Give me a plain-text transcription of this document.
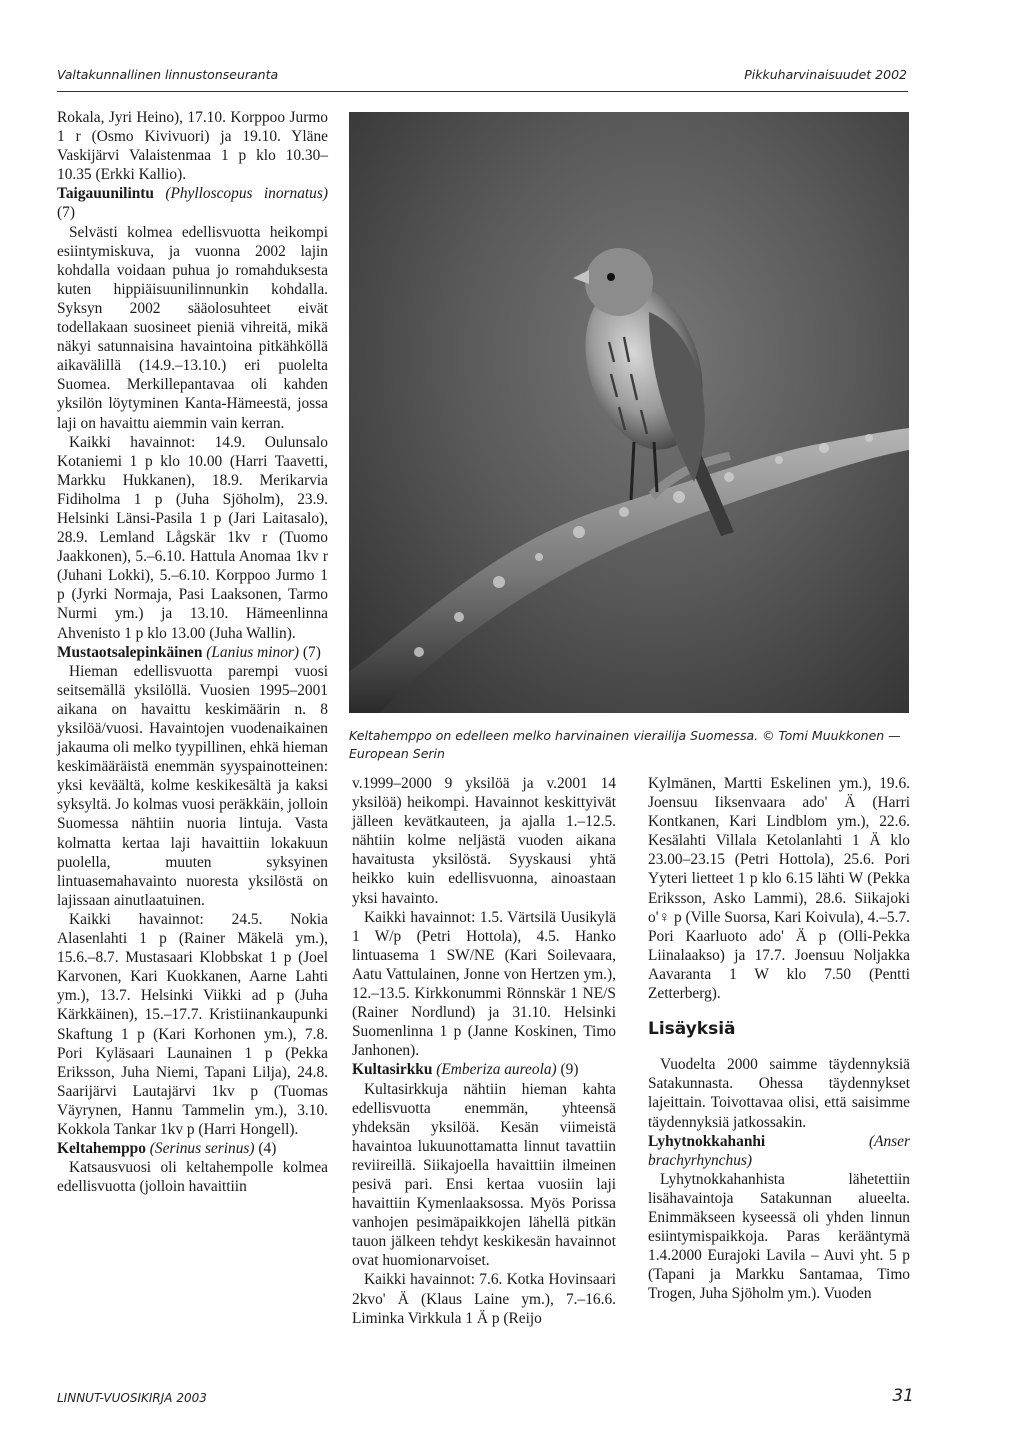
Valtakunnallinen linnustonseuranta	Pikkuharvinaisuudet 2002

Rokala, Jyri Heino), 17.10. Korppoo Jurmo 1 r (Osmo Kivivuori) ja 19.10. Yläne Vaskijärvi Valaistenmaa 1 p klo 10.30–10.35 (Erkki Kallio).

Taigauunilintu (Phylloscopus inornatus) (7)

Selvästi kolmea edellisvuotta heikompi esiintymiskuva, ja vuonna 2002 lajin kohdalla voidaan puhua jo romahduksesta kuten hippiäisuunilinnunkin kohdalla. Syksyn 2002 sääolosuhteet eivät todellakaan suosineet pieniä vihreitä, mikä näkyi satunnaisina havaintoina pitkähköllä aikavälillä (14.9.–13.10.) eri puolelta Suomea. Merkillepantavaa oli kahden yksilön löytyminen Kanta-Hämeestä, jossa laji on havaittu aiemmin vain kerran.

Kaikki havainnot: 14.9. Oulunsalo Kotaniemi 1 p klo 10.00 (Harri Taavetti, Markku Hukkanen), 18.9. Merikarvia Fidiholma 1 p (Juha Sjöholm), 23.9. Helsinki Länsi-Pasila 1 p (Jari Laitasalo), 28.9. Lemland Lågskär 1kv r (Tuomo Jaakkonen), 5.–6.10. Hattula Anomaa 1kv r (Juhani Lokki), 5.–6.10. Korppoo Jurmo 1 p (Jyrki Normaja, Pasi Laaksonen, Tarmo Nurmi ym.) ja 13.10. Hämeenlinna Ahvenisto 1 p klo 13.00 (Juha Wallin).

Mustaotsalepinkäinen (Lanius minor) (7)

Hieman edellisvuotta parempi vuosi seitsemällä yksilöllä. Vuosien 1995–2001 aikana on havaittu keskimäärin n. 8 yksilöä/vuosi. Havaintojen vuodenaikainen jakauma oli melko tyypillinen, ehkä hieman keskimääräistä enemmän syyspainotteinen: yksi keväältä, kolme keskikesältä ja kaksi syksyltä. Jo kolmas vuosi peräkkäin, jolloin Suomessa nähtiin nuoria lintuja. Vasta kolmatta kertaa laji havaittiin lokakuun puolella, muuten syksyinen lintuasemahavainto nuoresta yksilöstä on lajissaan ainutlaatuinen.

Kaikki havainnot: 24.5. Nokia Alasenlahti 1 p (Rainer Mäkelä ym.), 15.6.–8.7. Mustasaari Klobbskat 1 p (Joel Karvonen, Kari Kuokkanen, Aarne Lahti ym.), 13.7. Helsinki Viikki ad p (Juha Kärkkäinen), 15.–17.7. Kristiinankaupunki Skaftung 1 p (Kari Korhonen ym.), 7.8. Pori Kyläsaari Launainen 1 p (Pekka Eriksson, Juha Niemi, Tapani Lilja), 24.8. Saarijärvi Lautajärvi 1kv p (Tuomas Väyrynen, Hannu Tammelin ym.), 3.10. Kokkola Tankar 1kv p (Harri Hongell).

Keltahemppo (Serinus serinus) (4)

Katsausvuosi oli keltahempolle kolmea edellisvuotta (jolloin havaittiin

Keltahemppo on edelleen melko harvinainen vierailija Suomessa. © Tomi Muukkonen — European Serin

v.1999–2000 9 yksilöä ja v.2001 14 yksilöä) heikompi. Havainnot keskittyivät jälleen kevätkauteen, ja ajalla 1.–12.5. nähtiin kolme neljästä vuoden aikana havaitusta yksilöstä. Syyskausi yhtä heikko kuin edellisvuonna, ainoastaan yksi havainto.

Kaikki havainnot: 1.5. Värtsilä Uusikylä 1 W/p (Petri Hottola), 4.5. Hanko lintuasema 1 SW/NE (Kari Soilevaara, Aatu Vattulainen, Jonne von Hertzen ym.), 12.–13.5. Kirkkonummi Rönnskär 1 NE/S (Rainer Nordlund) ja 31.10. Helsinki Suomenlinna 1 p (Janne Koskinen, Timo Janhonen).

Kultasirkku (Emberiza aureola) (9)

Kultasirkkuja nähtiin hieman kahta edellisvuotta enemmän, yhteensä yhdeksän yksilöä. Kesän viimeistä havaintoa lukuunottamatta linnut tavattiin reviireillä. Siikajoella havaittiin ilmeinen pesivä pari. Ensi kertaa vuosiin laji havaittiin Kymenlaaksossa. Myös Porissa vanhojen pesimäpaikkojen lähellä pitkän tauon jälkeen tehdyt keskikesän havainnot ovat huomionarvoiset.

Kaikki havainnot: 7.6. Kotka Hovinsaari 2kvo' Ä (Klaus Laine ym.), 7.–16.6. Liminka Virkkula 1 Ä p (Reijo

Kylmänen, Martti Eskelinen ym.), 19.6. Joensuu Iiksenvaara ado' Ä (Harri Kontkanen, Kari Lindblom ym.), 22.6. Kesälahti Villala Ketolanlahti 1 Ä klo 23.00–23.15 (Petri Hottola), 25.6. Pori Yyteri lietteet 1 p klo 6.15 lähti W (Pekka Eriksson, Asko Lammi), 28.6. Siikajoki o'♀ p (Ville Suorsa, Kari Koivula), 4.–5.7. Pori Kaarluoto ado' Ä p (Olli-Pekka Liinalaakso) ja 17.7. Joensuu Noljakka Aavaranta 1 W klo 7.50 (Pentti Zetterberg).

Lisäyksiä

Vuodelta 2000 saimme täydennyksiä Satakunnasta. Ohessa täydennykset lajeittain. Toivottavaa olisi, että saisimme täydennyksiä jatkossakin.

Lyhytnokkahanhi	(Anser brachyrhynchus)

Lyhytnokkahanhista lähetettiin lisähavaintoja Satakunnan alueelta. Enimmäkseen kyseessä oli yhden linnun esiintymispaikkoja. Paras kerääntymä 1.4.2000 Eurajoki Lavila – Auvi yht. 5 p (Tapani ja Markku Santamaa, Timo Trogen, Juha Sjöholm ym.). Vuoden

LINNUT-VUOSIKIRJA 2003	31
